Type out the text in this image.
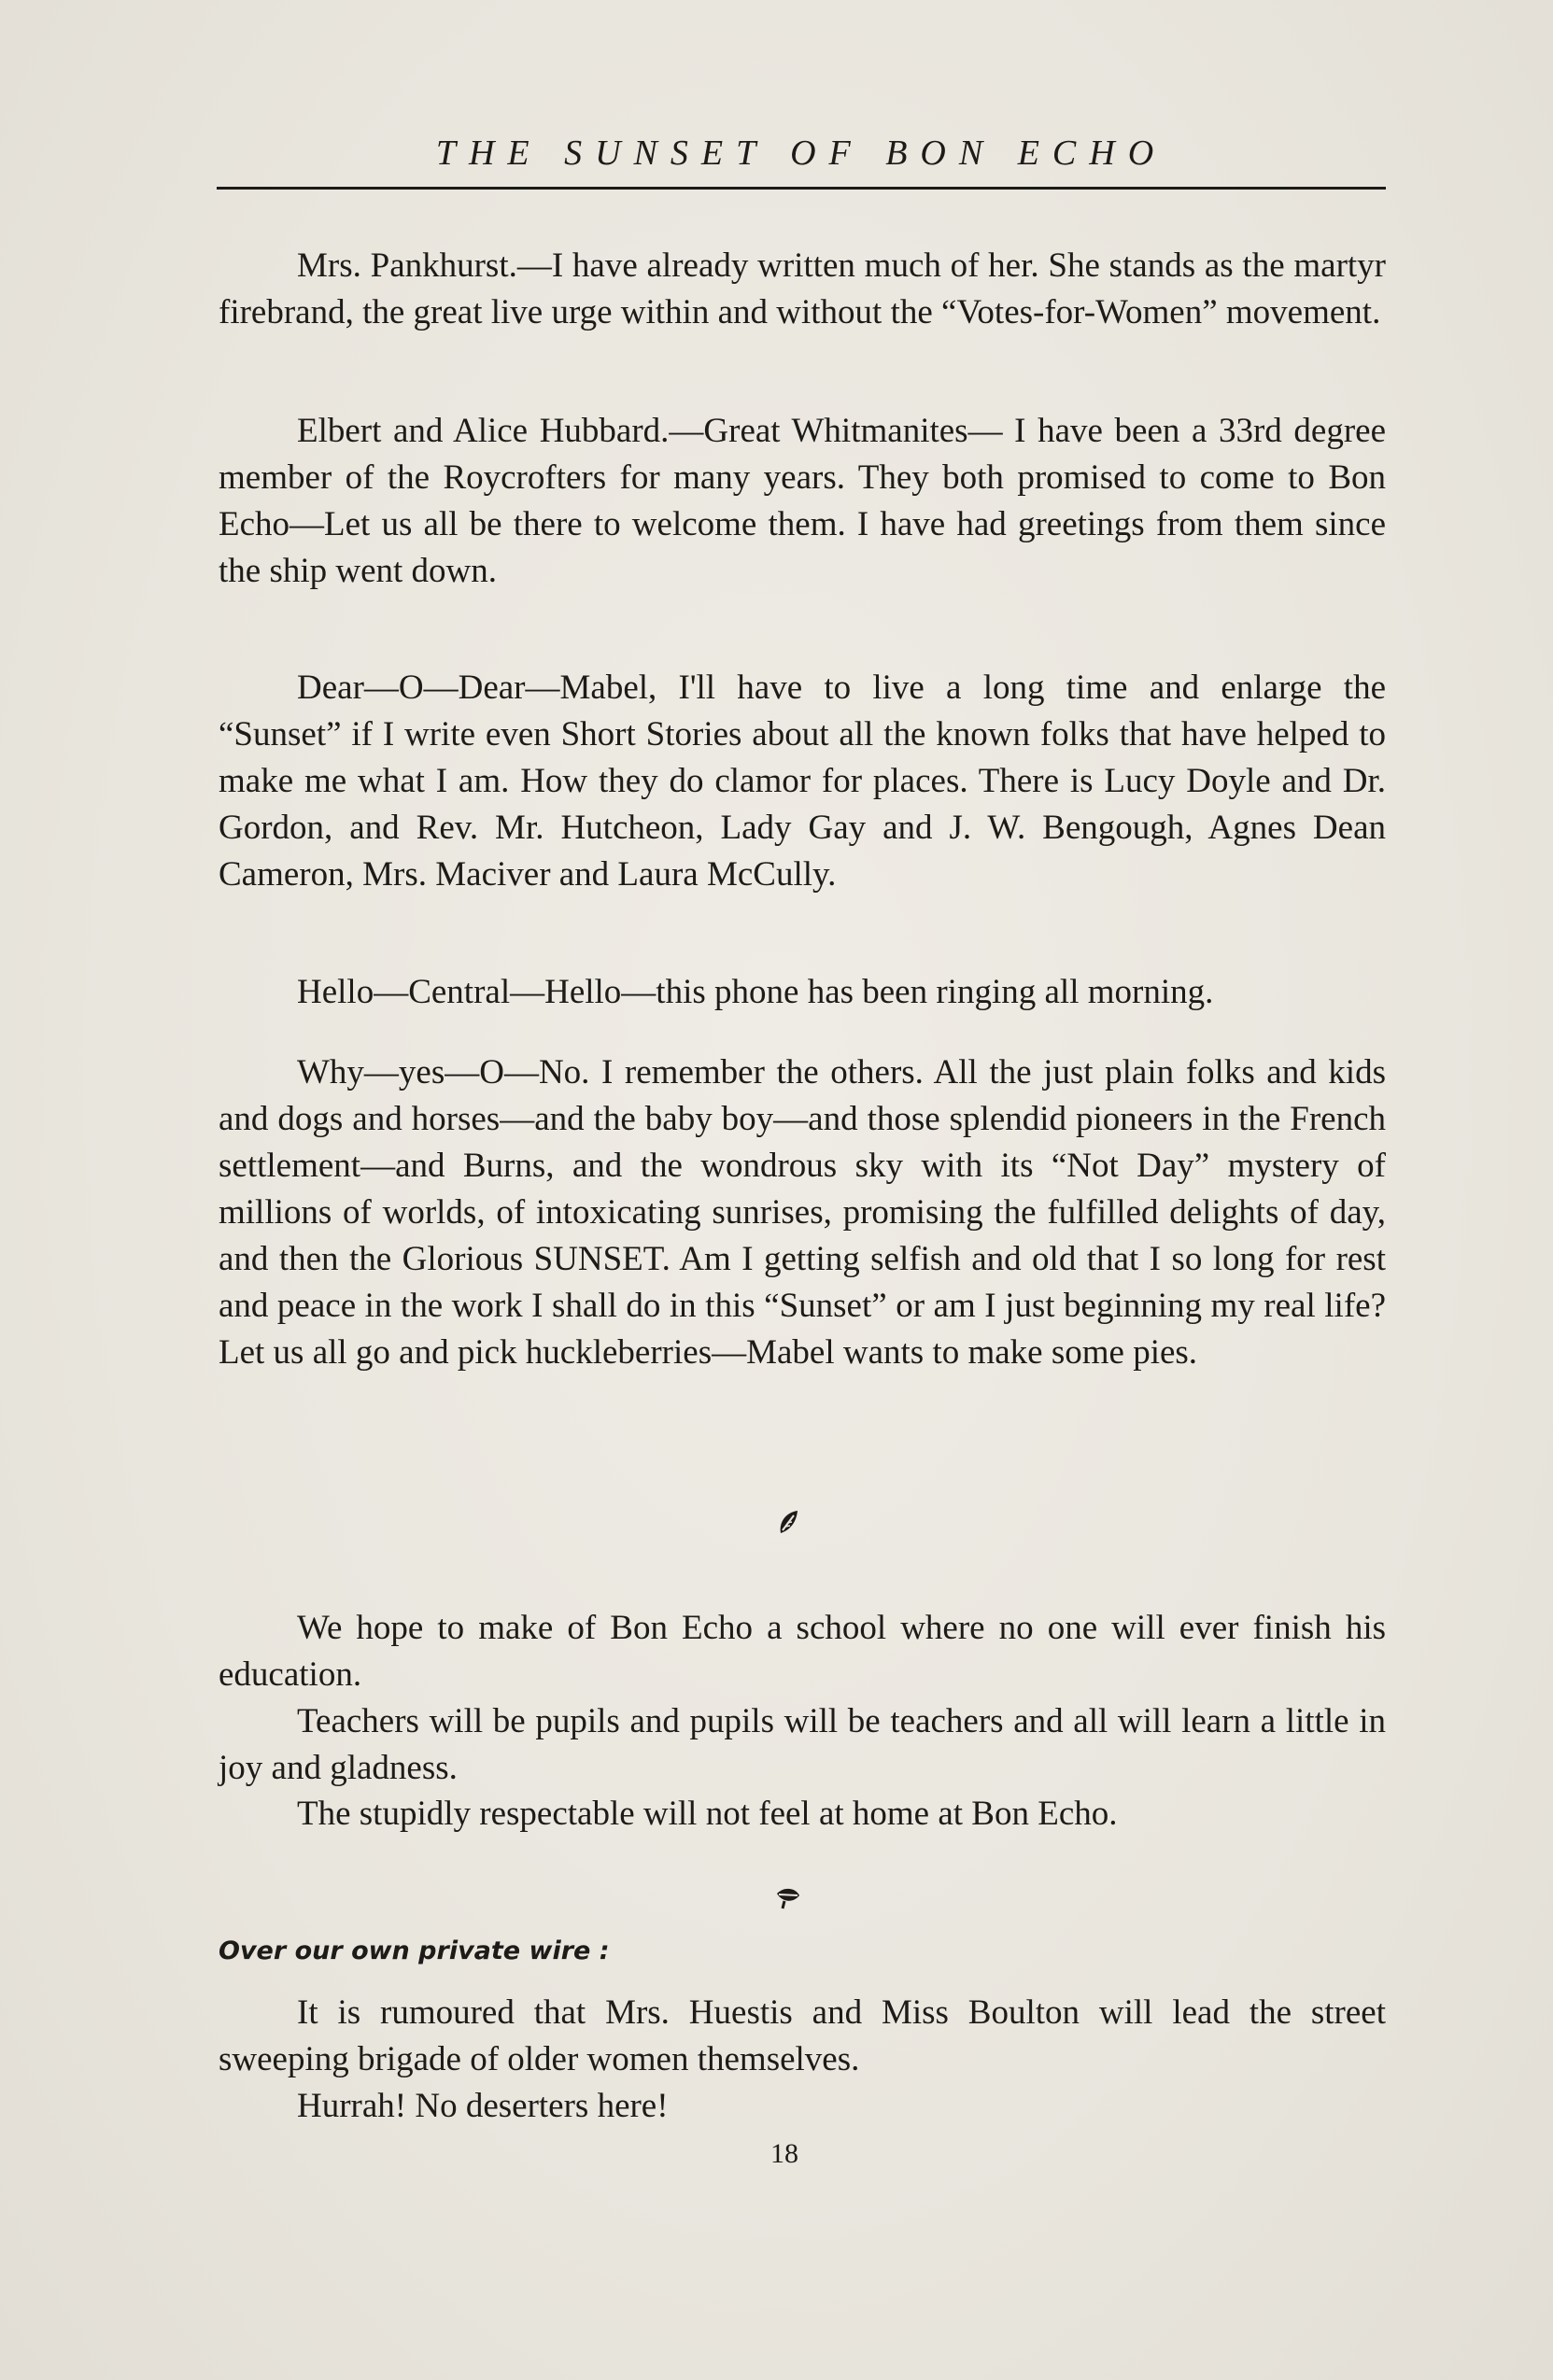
THE SUNSET OF BON ECHO

Mrs. Pankhurst.—I have already written much of her. She stands as the martyr firebrand, the great live urge within and without the “Votes-for-Women” movement.

Elbert and Alice Hubbard.—Great Whitmanites— I have been a 33rd degree member of the Roycrofters for many years. They both promised to come to Bon Echo—Let us all be there to welcome them. I have had greetings from them since the ship went down.

Dear—O—Dear—Mabel, I'll have to live a long time and enlarge the “Sunset” if I write even Short Stories about all the known folks that have helped to make me what I am. How they do clamor for places. There is Lucy Doyle and Dr. Gordon, and Rev. Mr. Hutcheon, Lady Gay and J. W. Bengough, Agnes Dean Cameron, Mrs. Maciver and Laura McCully.

Hello—Central—Hello—this phone has been ringing all morning.

Why—yes—O—No. I remember the others. All the just plain folks and kids and dogs and horses—and the baby boy—and those splendid pioneers in the French settlement—and Burns, and the wondrous sky with its “Not Day” mystery of millions of worlds, of intoxicating sunrises, promising the fulfilled delights of day, and then the Glorious SUNSET. Am I getting selfish and old that I so long for rest and peace in the work I shall do in this “Sunset” or am I just beginning my real life? Let us all go and pick huckleberries—Mabel wants to make some pies.

We hope to make of Bon Echo a school where no one will ever finish his education.

Teachers will be pupils and pupils will be teachers and all will learn a little in joy and gladness.

The stupidly respectable will not feel at home at Bon Echo.

Over our own private wire :

It is rumoured that Mrs. Huestis and Miss Boulton will lead the street sweeping brigade of older women themselves.

Hurrah! No deserters here!

18
